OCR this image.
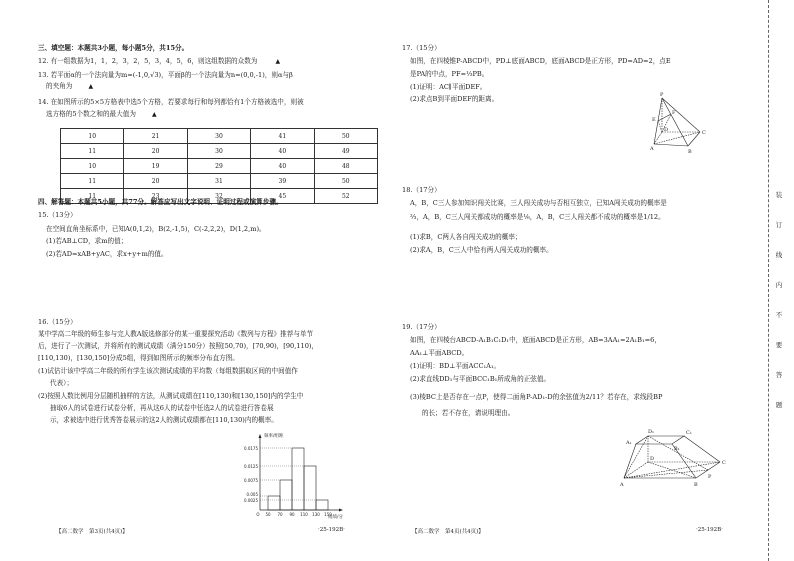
三、填空题：本题共3小题，每小题5分，共15分。
12. 有一组数据为1，1，2，3，2，5，3，4，5，6，则这组数据的众数为	▲
13. 若平面α的一个法向量为m=(-1,0,√3)，平面β的一个法向量为n=(0,0,-1)，则α与β
的夹角为	▲
14. 在如图所示的5×5方格表中选5个方格，若要求每行和每列都恰有1个方格被选中，则被
选方格的5个数之和的最大值为	▲
10	21	30	41	50
11	20	30	40	49
10	19	29	40	48
11	20	31	39	50
11	23	32	45	52
四、解答题：本题共5小题，共77分。解答应写出文字说明、证明过程或演算步骤。
15.（13分）
在空间直角坐标系中，已知A(0,1,2)，B(2,-1,5)，C(-2,2,2)，D(1,2,m)。
(1)若AB⊥CD，求m的值；
(2)若AD=xAB+yAC，求x+y+m的值。
16.（15分）
某中学高二年级的师生参与完人教A版选修部分的某一重要探究活动《数列与方程》推荐与单节
后，进行了一次测试，并将所有的测试成绩（满分150分）按照[50,70)，[70,90)，[90,110)，
[110,130)，[130,150]分成5组，得到如图所示的频率分布直方图。
(1)试估计该中学高二年级的所有学生该次测试成绩的平均数（每组数据取区间的中间值作
代表）；
(2)按照人数比例用分层随机抽样的方法，从测试成绩在[110,130)和[130,150]内的学生中
抽取6人的试卷进行试卷分析，再从这6人的试卷中任选2人的试卷进行答卷展
示，求被选中进行优秀答卷展示的这2人的测试成绩都在[110,130)内的概率。
频率/组距
成绩/分
0.0175
0.0125
0.0075
0.005
0.0025
O 50 70 90 110 130 150
【高二数学　第3页(共4页)】	·25-192B·
17.（15分）
如图，在四棱锥P-ABCD中，PD⊥底面ABCD，底面ABCD是正方形，PD=AD=2，点E
是PA的中点，PF=⅓PB。
(1)证明：AC∥平面DEF。
(2)求点B到平面DEF的距离。	P
E
F
D	C
A	B
18.（17分）
A，B，C三人参加知识闯关比赛，三人闯关成功与否相互独立，已知A闯关成功的概率是
⅔，A，B，C三人闯关都成功的概率是⅙，A，B，C三人闯关都不成功的概率是1/12。
(1)求B，C两人各自闯关成功的概率；
(2)求A，B，C三人中恰有两人闯关成功的概率。
19.（17分）
如图，在四棱台ABCD-A₁B₁C₁D₁中，底面ABCD是正方形，AB=3AA₁=2A₁B₁=6，
AA₁⊥平面ABCD。
(1)证明：BD⊥平面ACC₁A₁。
(2)求直线DD₁与平面BCC₁B₁所成角的正弦值。
(3)棱BC上是否存在一点P，使得二面角P-AD₁-D的余弦值为2/11？若存在，求线段BP
的长；若不存在，请说明理由。
D₁	C₁
A₁
B₁
D
C
A
P
B
【高二数学　第4页(共4页)】	·25-192B·
装　订　线　内　不　要　答　题
